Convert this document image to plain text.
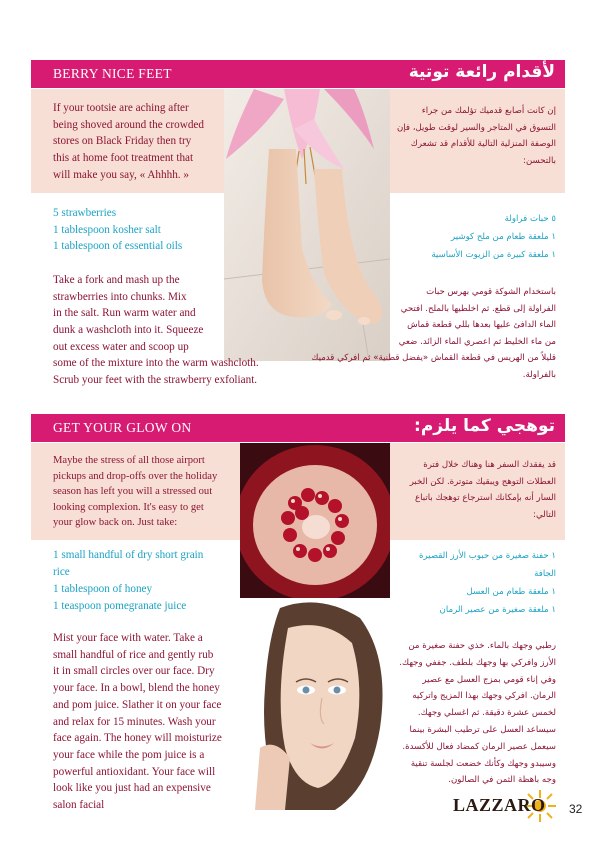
BERRY NICE FEET	لأقدام رائعة توتية
If your tootsie are aching after
being shoved around the crowded
stores on Black Friday then try
this at home foot treatment that
will make you say, « Ahhhh. »
إن كانت أصابع قدميك تؤلمك من جراء
التسوق في المتاجر والسير لوقت طويل، فإن
الوصفة المنزلية التالية للأقدام قد تشعرك
بالتحسن:
5 strawberries
1 tablespoon kosher salt
1 tablespoon of essential oils
٥ حبات فراولة
١ ملعقة طعام من ملح كوشير
١ ملعقة كبيرة من الزيوت الأساسية
Take a fork and mash up the
strawberries into chunks. Mix
in the salt. Run warm water and
dunk a washcloth into it. Squeeze
out excess water and scoop up
some of the mixture into the warm washcloth.
Scrub your feet with the strawberry exfoliant.
باستخدام الشوكة قومي بهرس حبات
الفراولة إلى قطع. ثم اخلطيها بالملح. افتحي
الماء الدافئ عليها بعدها بللي قطعة قماش
من ماء الخليط ثم اعصري الماء الزائد. ضعي
قليلاً من الهريس في قطعة القماش «يفضل قطنية» ثم افركي قدميك
بالفراولة.
GET YOUR GLOW ON	توهجي كما يلزم:
Maybe the stress of all those airport
pickups and drop-offs over the holiday
season has left you will a stressed out
looking complexion. It's easy to get
your glow back on. Just take:
قد يفقدك السفر هنا وهناك خلال فترة
العطلات التوهج ويبقيك متوترة. لكن الخبر
السار أنه بإمكانك استرجاع توهجك باتباع
التالي:
1 small handful of dry short grain
rice
1 tablespoon of honey
1 teaspoon pomegranate juice
١ حفنة صغيرة من حبوب الأرز القصيرة
الجافة
١ ملعقة طعام من العسل
١ ملعقة صغيرة من عصير الرمان
Mist your face with water. Take a
small handful of rice and gently rub
it in small circles over our face. Dry
your face. In a bowl, blend the honey
and pom juice. Slather it on your face
and relax for 15 minutes. Wash your
face again. The honey will moisturize
your face while the pom juice is a
powerful antioxidant. Your face will
look like you just had an expensive
salon facial
رطبي وجهك بالماء. خذي حفنة صغيرة من
الأرز وافركي بها وجهك بلطف. جففي وجهك.
وفي إناء قومي بمزج العسل مع عصير
الرمان. افركي وجهك بهذا المزيج واتركيه
لخمس عشرة دقيقة. ثم اغسلي وجهك.
سيساعد العسل على ترطيب البشرة بينما
سيعمل عصير الرمان كمضاد فعال للأكسدة.
وسيبدو وجهك وكأنك خضعت لجلسة تنقية
وجه باهظة الثمن في الصالون.
LAZZARO 32
